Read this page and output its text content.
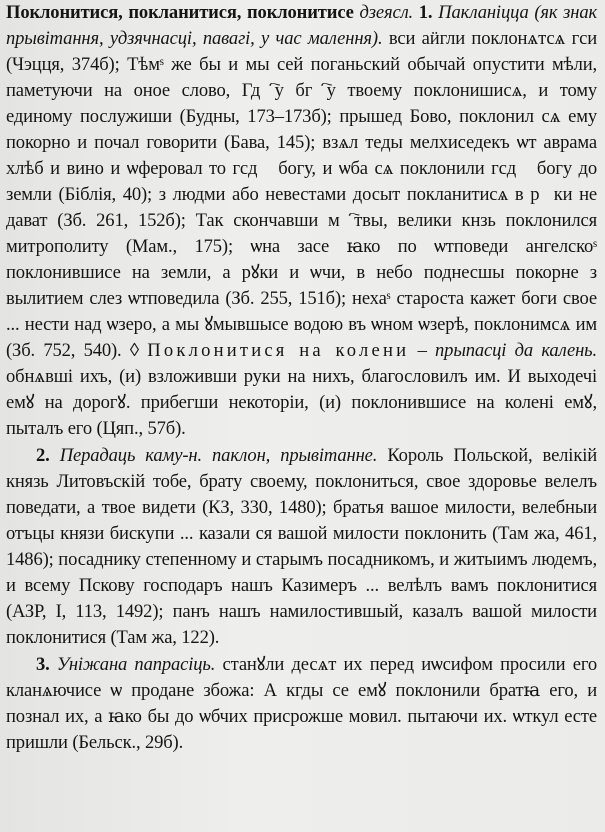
Поклонитися, покланитися, поклонитисе дзеясл. 1. Пакланіцца (як знак прывітання, удзячнасці, павагі, у час малення). вси аӥгли поклонѧтсѧ гси (Чэцця, 374б); Тѣмˢ же бы и мы сей поганьский обычай опустити мѣли, паметуючи на оное слово, Гдⷭ҇у бгⷪ҇у твоему поклонишисѧ, и тому единому послужиши (Будны, 173–173б); прышед Бово, поклонил сѧ ему покорно и почал говорити (Бава, 145); взѧл теды мелхиседекъ ѡт аврама хлѣб и вино и ѡферовал то гсдꙋ богу, и ѡба сѧ поклонили гсдꙋ богу до земли (Біблія, 40); з людми або невестами досыт покланитисѧ в рꙋки не дават (Зб. 261, 152б); Так скончавши мⷧ҇твы, велики кнзь поклонился митрополиту (Мам., 175); ѡна засе ꙗко по ѡтповеди ангелскоˢ поклонившисе на земли, а рꙋки и ѡчи, в небо поднесшы покорне з вылитием слез ѡтповедила (Зб. 255, 151б); нехаˢ староста кажет боги свое ... нести над ѡзеро, а мы ꙋмывшысе водою въ ѡном ѡзерѣ, поклонимсѧ им (Зб. 752, 540). ◊ Поклонитися на колени – прыпасці да калень. обнѧвші ихъ, (и) взложивши руки на нихъ, благословилъ им. И выходечі емꙋ на дорогꙋ. прибегши некоторіи, (и) поклонившисе на колені емꙋ, пыталъ его (Цяп., 57б).

2. Перадаць каму-н. паклон, прывітанне. Король Польской, велікій князь Литовъскій тобе, брату своему, поклониться, свое здоровье велелъ поведати, а твое видети (КЗ, 330, 1480); братья вашое милости, велебныи отъцы князи бискупи ... казали ся вашой милости поклонить (Там жа, 461, 1486); посаднику степенному и старымъ посадникомъ, и житыимъ людемъ, и всему Пскову господаръ нашъ Казимеръ ... велѣлъ вамъ поклонитися (АЗР, I, 113, 1492); панъ нашъ намилостившый, казалъ вашой милости поклонитися (Там жа, 122).

3. Уніжана папрасіць. станꙋли десѧт их перед иѡсифом просили его кланѧючисе ѡ продане збожа: А кгды се емꙋ поклонили братꙗ его, и познал их, а ꙗко бы до ѡбчих присрожше мовил. пытаючи их. ѡткул есте пришли (Бельск., 29б).
